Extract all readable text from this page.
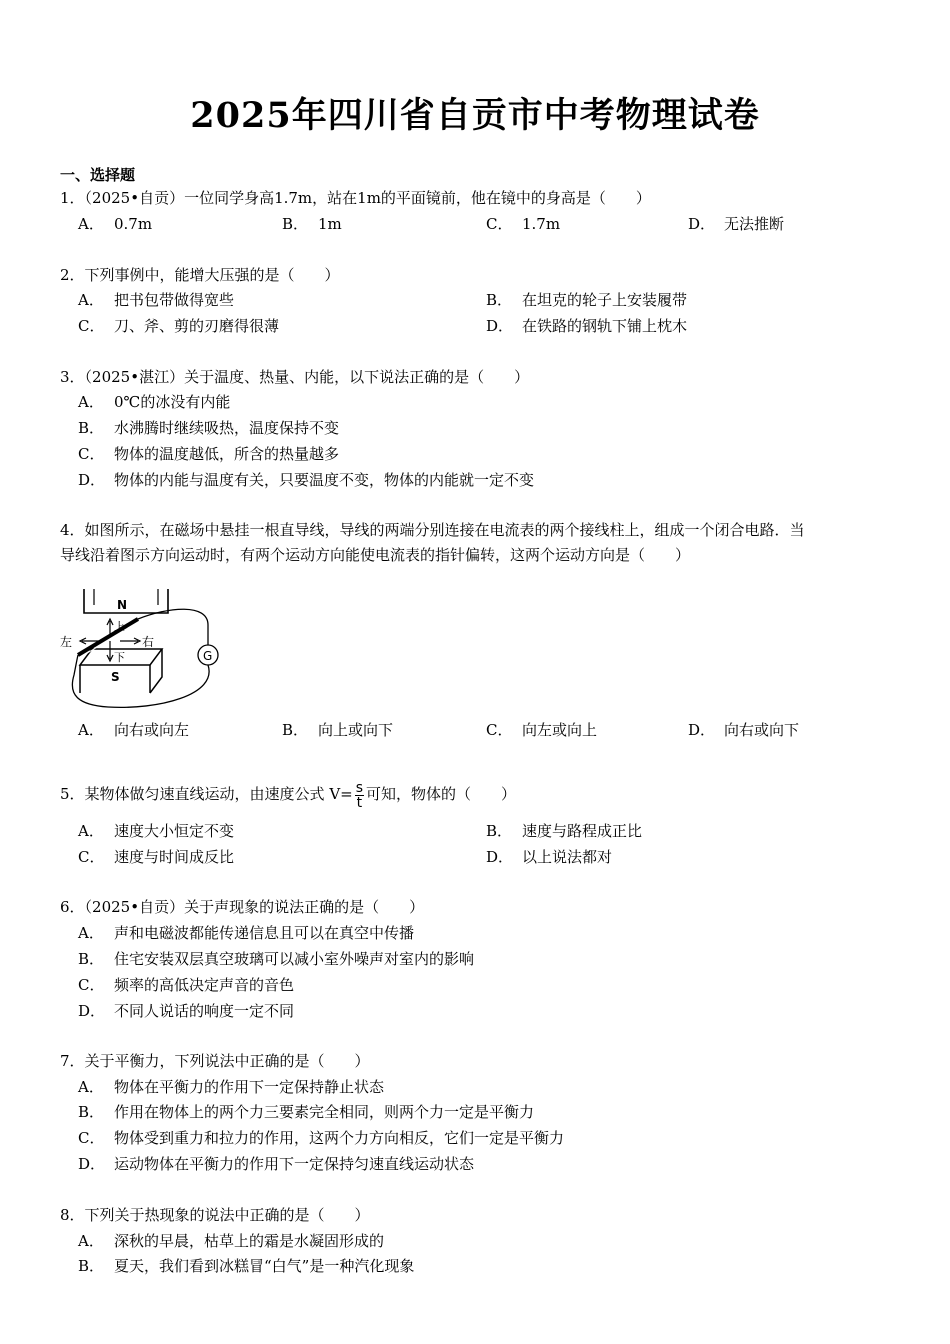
2025年四川省自贡市中考物理试卷
一、选择题
1．（2025•自贡）一位同学身高1.7m，站在1m的平面镜前，他在镜中的身高是（　　）
A． 0.7m	B． 1m	C． 1.7m	D． 无法推断
2．下列事例中，能增大压强的是（　　）
A． 把书包带做得宽些	B． 在坦克的轮子上安装履带
C． 刀、斧、剪的刃磨得很薄	D． 在铁路的钢轨下铺上枕木
3．（2025•湛江）关于温度、热量、内能，以下说法正确的是（　　）
A． 0℃的冰没有内能
B． 水沸腾时继续吸热，温度保持不变
C． 物体的温度越低，所含的热量越多
D． 物体的内能与温度有关，只要温度不变，物体的内能就一定不变
4．如图所示，在磁场中悬挂一根直导线，导线的两端分别连接在电流表的两个接线柱上，组成一个闭合电路．当
导线沿着图示方向运动时，有两个运动方向能使电流表的指针偏转，这两个运动方向是（　　）
N
S
G
上
下
左	右
A． 向右或向左	B． 向上或向下	C． 向左或向上	D． 向右或向下
5．某物体做匀速直线运动，由速度公式 $V= \frac{s}{t}$ 可知，物体的（　　）
A． 速度大小恒定不变	B． 速度与路程成正比
C． 速度与时间成反比	D． 以上说法都对
6．（2025•自贡）关于声现象的说法正确的是（　　）
A． 声和电磁波都能传递信息且可以在真空中传播
B． 住宅安装双层真空玻璃可以减小室外噪声对室内的影响
C． 频率的高低决定声音的音色
D． 不同人说话的响度一定不同
7．关于平衡力，下列说法中正确的是（　　）
A． 物体在平衡力的作用下一定保持静止状态
B． 作用在物体上的两个力三要素完全相同，则两个力一定是平衡力
C． 物体受到重力和拉力的作用，这两个力方向相反，它们一定是平衡力
D． 运动物体在平衡力的作用下一定保持匀速直线运动状态
8．下列关于热现象的说法中正确的是（　　）
A． 深秋的早晨，枯草上的霜是水凝固形成的
B． 夏天，我们看到冰糕冒“白气”是一种汽化现象
